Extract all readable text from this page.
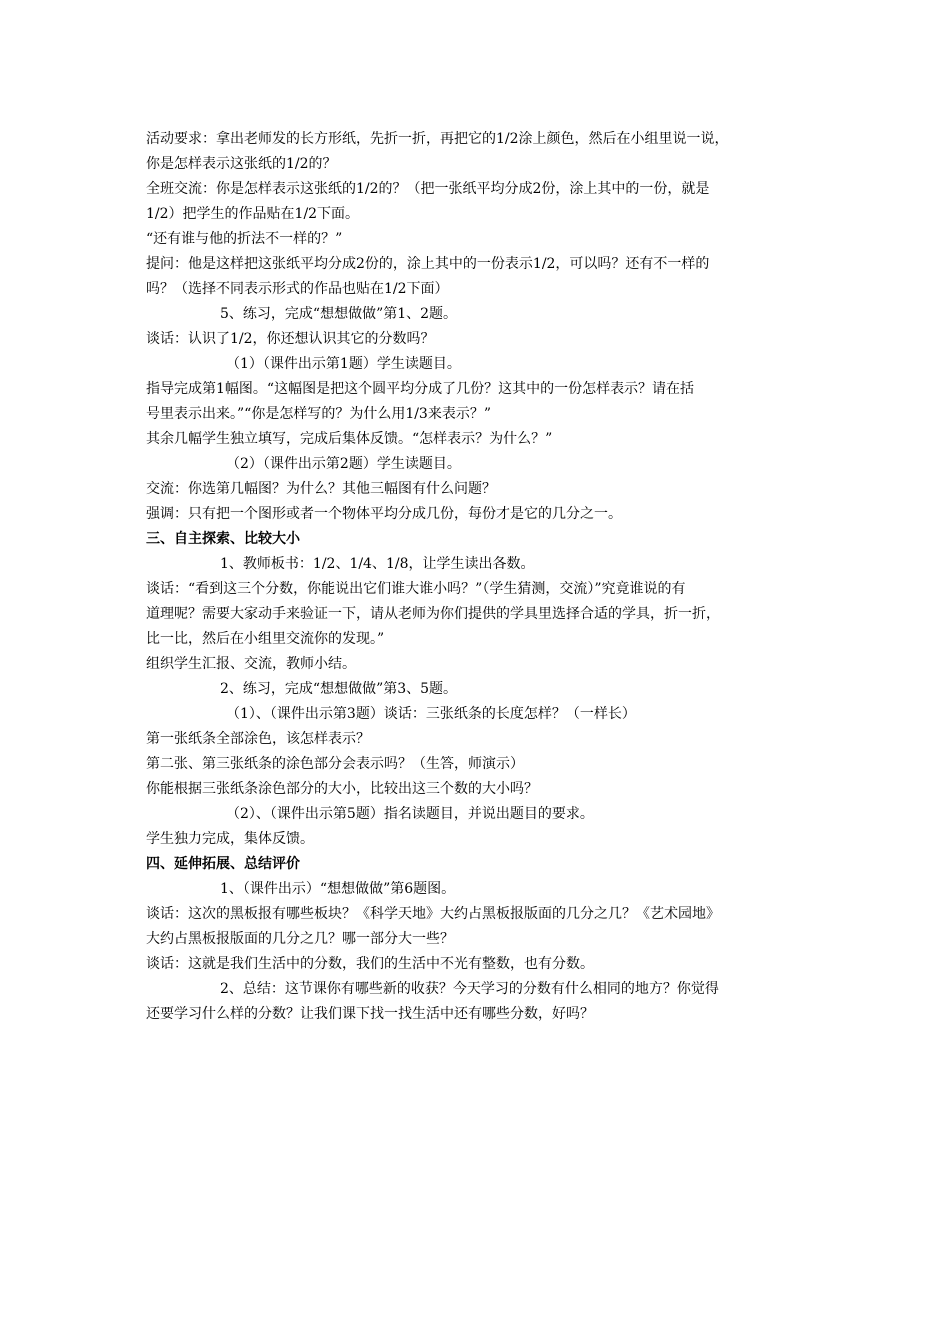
活动要求：拿出老师发的长方形纸，先折一折，再把它的1/2涂上颜色，然后在小组里说一说，
你是怎样表示这张纸的1/2的？
全班交流：你是怎样表示这张纸的1/2的？（把一张纸平均分成2份，涂上其中的一份，就是
1/2）把学生的作品贴在1/2下面。
“还有谁与他的折法不一样的？”
提问：他是这样把这张纸平均分成2份的，涂上其中的一份表示1/2，可以吗？还有不一样的
吗？（选择不同表示形式的作品也贴在1/2下面）
5、练习，完成“想想做做”第1、2题。
谈话：认识了1/2，你还想认识其它的分数吗？
（1）（课件出示第1题）学生读题目。
指导完成第1幅图。“这幅图是把这个圆平均分成了几份？这其中的一份怎样表示？请在括
号里表示出来。”“你是怎样写的？为什么用1/3来表示？”
其余几幅学生独立填写，完成后集体反馈。“怎样表示？为什么？”
（2）（课件出示第2题）学生读题目。
交流：你选第几幅图？为什么？其他三幅图有什么问题？
强调：只有把一个图形或者一个物体平均分成几份，每份才是它的几分之一。
三、自主探索、比较大小
1、教师板书：1/2、1/4、1/8，让学生读出各数。
谈话：“看到这三个分数，你能说出它们谁大谁小吗？”（学生猜测，交流）”究竟谁说的有
道理呢？需要大家动手来验证一下，请从老师为你们提供的学具里选择合适的学具，折一折，
比一比，然后在小组里交流你的发现。”
组织学生汇报、交流，教师小结。
2、练习，完成“想想做做”第3、5题。
（1）、（课件出示第3题）谈话：三张纸条的长度怎样？（一样长）
第一张纸条全部涂色，该怎样表示？
第二张、第三张纸条的涂色部分会表示吗？（生答，师演示）
你能根据三张纸条涂色部分的大小，比较出这三个数的大小吗？
（2）、（课件出示第5题）指名读题目，并说出题目的要求。
学生独力完成，集体反馈。
四、延伸拓展、总结评价
1、（课件出示）“想想做做”第6题图。
谈话：这次的黑板报有哪些板块？《科学天地》大约占黑板报版面的几分之几？《艺术园地》
大约占黑板报版面的几分之几？哪一部分大一些？
谈话：这就是我们生活中的分数，我们的生活中不光有整数，也有分数。
2、总结：这节课你有哪些新的收获？今天学习的分数有什么相同的地方？你觉得
还要学习什么样的分数？让我们课下找一找生活中还有哪些分数，好吗？
